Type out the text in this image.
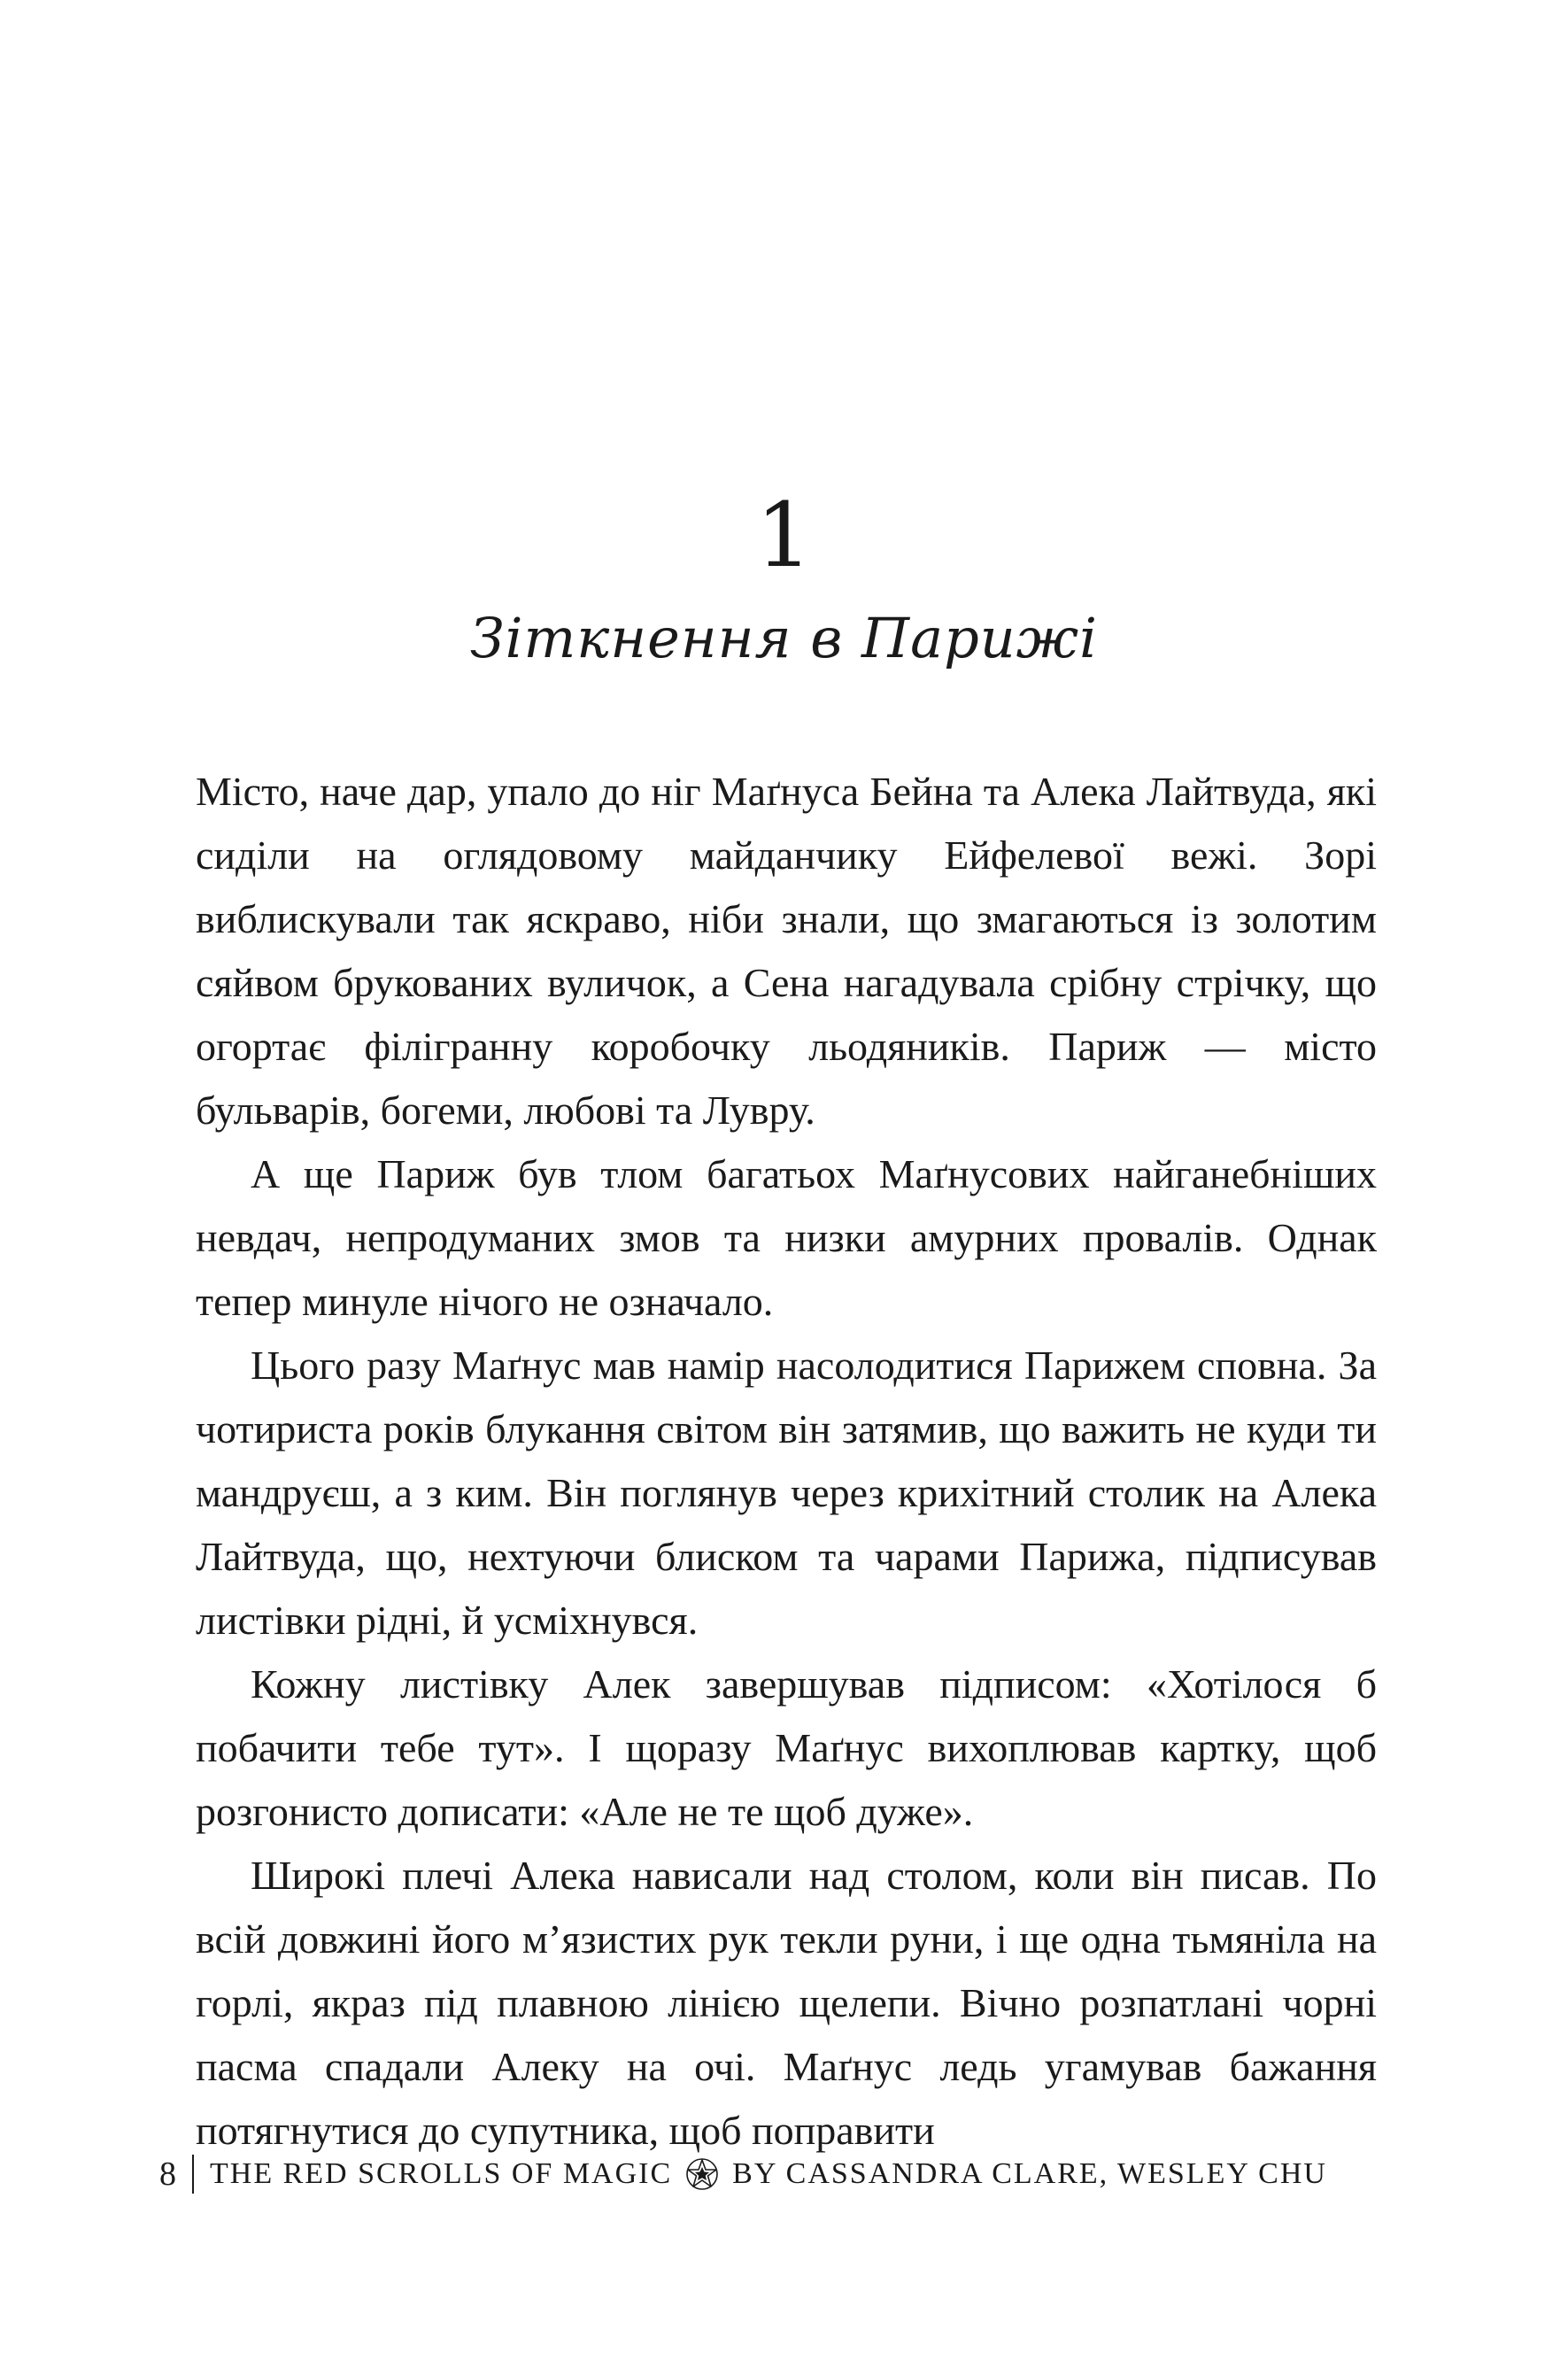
1
Зіткнення в Парижі

Місто, наче дар, упало до ніг Маґнуса Бейна та Алека Лайтвуда, які сиділи на оглядовому майданчику Ейфелевої вежі. Зорі виблискували так яскраво, ніби знали, що змагаються із золотим сяйвом брукованих вуличок, а Сена нагадувала срібну стрічку, що огортає філігранну коробочку льодяників. Париж — місто бульварів, богеми, любові та Лувру.

А ще Париж був тлом багатьох Маґнусових найганебніших невдач, непродуманих змов та низки амурних провалів. Однак тепер минуле нічого не означало.

Цього разу Маґнус мав намір насолодитися Парижем сповна. За чотириста років блукання світом він затямив, що важить не куди ти мандруєш, а з ким. Він поглянув через крихітний столик на Алека Лайтвуда, що, нехтуючи блиском та чарами Парижа, підписував листівки рідні, й усміхнувся.

Кожну листівку Алек завершував підписом: «Хотілося б побачити тебе тут». І щоразу Маґнус вихоплював картку, щоб розгонисто дописати: «Але не те щоб дуже».

Широкі плечі Алека нависали над столом, коли він писав. По всій довжині його м’язистих рук текли руни, і ще одна тьмяніла на горлі, якраз під плавною лінією щелепи. Вічно розпатлані чорні пасма спадали Алеку на очі. Маґнус ледь угамував бажання потягнутися до супутника, щоб поправити

8 THE RED SCROLLS OF MAGIC BY CASSANDRA CLARE, WESLEY CHU
